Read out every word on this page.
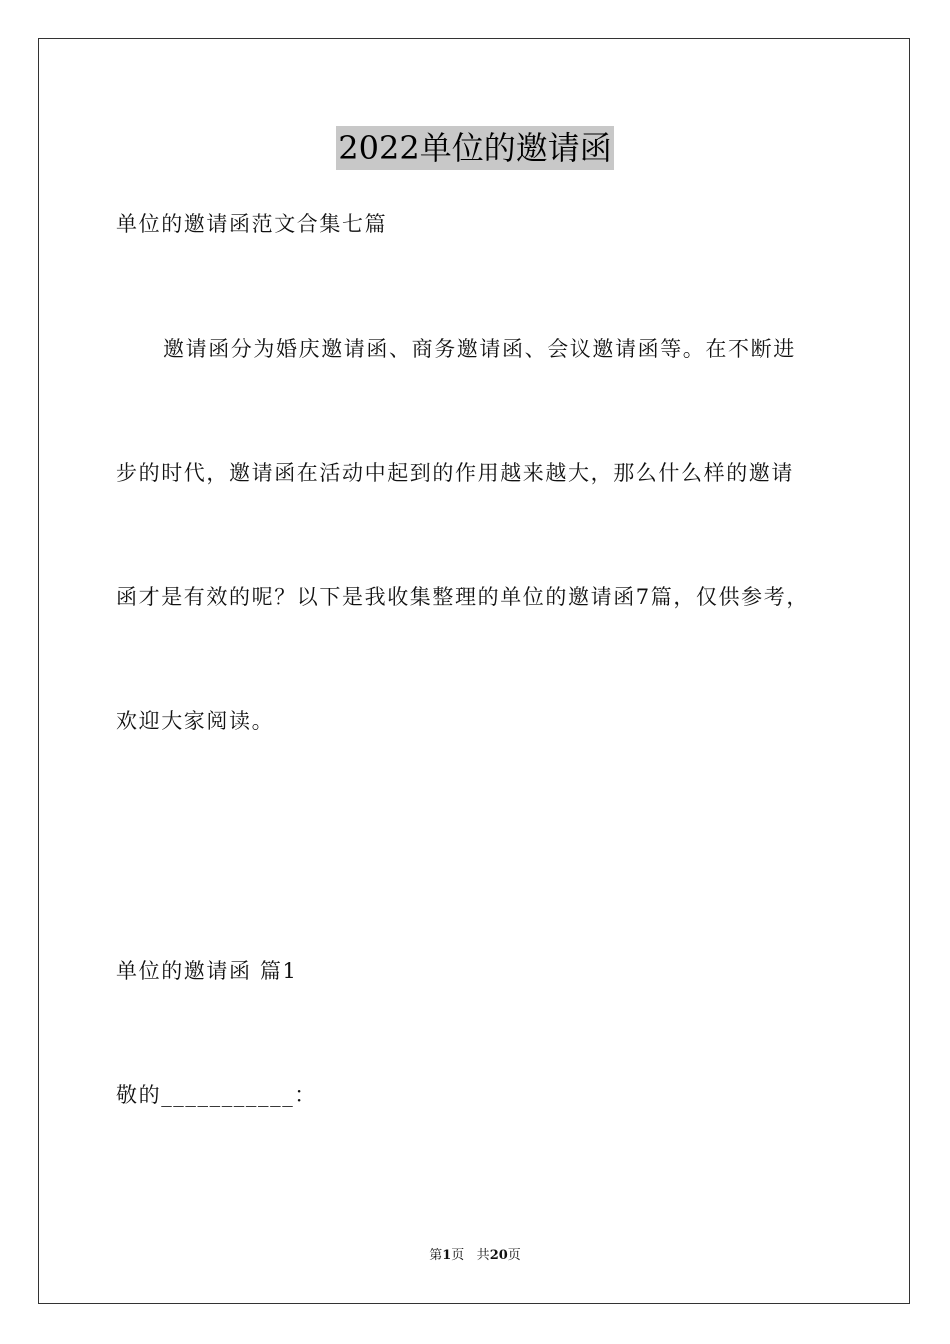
2022单位的邀请函
单位的邀请函范文合集七篇
邀请函分为婚庆邀请函、商务邀请函、会议邀请函等。在不断进
步的时代，邀请函在活动中起到的作用越来越大，那么什么样的邀请
函才是有效的呢？以下是我收集整理的单位的邀请函7篇，仅供参考，
欢迎大家阅读。
单位的邀请函 篇1
敬的___________：
第1页 共20页
